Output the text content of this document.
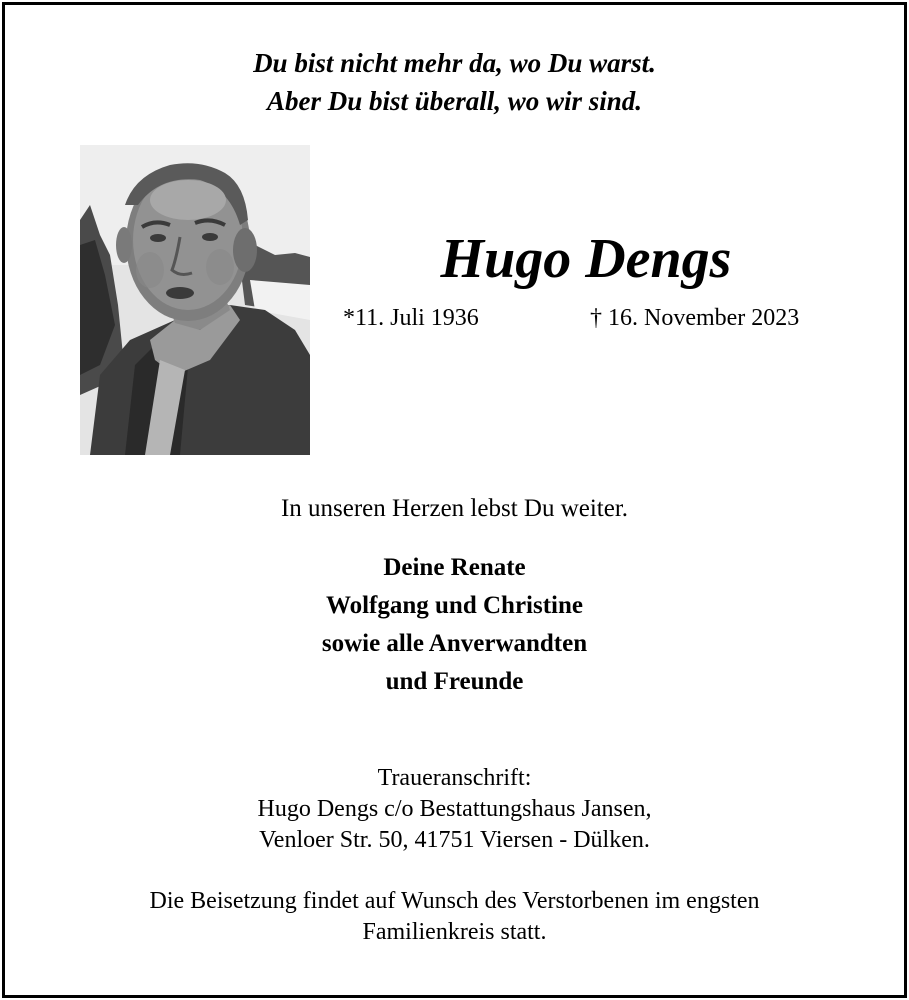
Du bist nicht mehr da, wo Du warst.
Aber Du bist überall, wo wir sind.
Hugo Dengs
*11. Juli 1936	† 16. November 2023
In unseren Herzen lebst Du weiter.
Deine Renate
Wolfgang und Christine
sowie alle Anverwandten
und Freunde
Traueranschrift:
Hugo Dengs c/o Bestattungshaus Jansen,
Venloer Str. 50, 41751 Viersen - Dülken.
Die Beisetzung findet auf Wunsch des Verstorbenen im engsten
Familienkreis statt.
